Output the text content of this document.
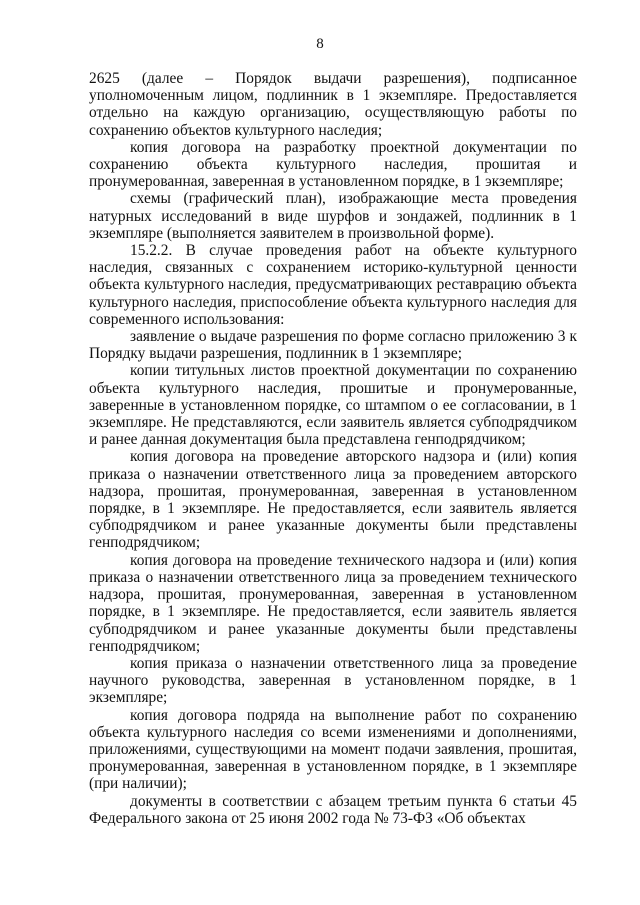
8

2625 (далее – Порядок выдачи разрешения), подписанное уполномоченным лицом, подлинник в 1 экземпляре. Предоставляется отдельно на каждую организацию, осуществляющую работы по сохранению объектов культурного наследия;

копия договора на разработку проектной документации по сохранению объекта культурного наследия, прошитая и пронумерованная, заверенная в установленном порядке, в 1 экземпляре;

схемы (графический план), изображающие места проведения натурных исследований в виде шурфов и зондажей, подлинник в 1 экземпляре (выполняется заявителем в произвольной форме).

15.2.2. В случае проведения работ на объекте культурного наследия, связанных с сохранением историко-культурной ценности объекта культурного наследия, предусматривающих реставрацию объекта культурного наследия, приспособление объекта культурного наследия для современного использования:

заявление о выдаче разрешения по форме согласно приложению 3 к Порядку выдачи разрешения, подлинник в 1 экземпляре;

копии титульных листов проектной документации по сохранению объекта культурного наследия, прошитые и пронумерованные, заверенные в установленном порядке, со штампом о ее согласовании, в 1 экземпляре. Не представляются, если заявитель является субподрядчиком и ранее данная документация была представлена генподрядчиком;

копия договора на проведение авторского надзора и (или) копия приказа о назначении ответственного лица за проведением авторского надзора, прошитая, пронумерованная, заверенная в установленном порядке, в 1 экземпляре. Не предоставляется, если заявитель является субподрядчиком и ранее указанные документы были представлены генподрядчиком;

копия договора на проведение технического надзора и (или) копия приказа о назначении ответственного лица за проведением технического надзора, прошитая, пронумерованная, заверенная в установленном порядке, в 1 экземпляре. Не предоставляется, если заявитель является субподрядчиком и ранее указанные документы были представлены генподрядчиком;

копия приказа о назначении ответственного лица за проведение научного руководства, заверенная в установленном порядке, в 1 экземпляре;

копия договора подряда на выполнение работ по сохранению объекта культурного наследия со всеми изменениями и дополнениями, приложениями, существующими на момент подачи заявления, прошитая, пронумерованная, заверенная в установленном порядке, в 1 экземпляре (при наличии);

документы в соответствии с абзацем третьим пункта 6 статьи 45 Федерального закона от 25 июня 2002 года № 73-ФЗ «Об объектах
